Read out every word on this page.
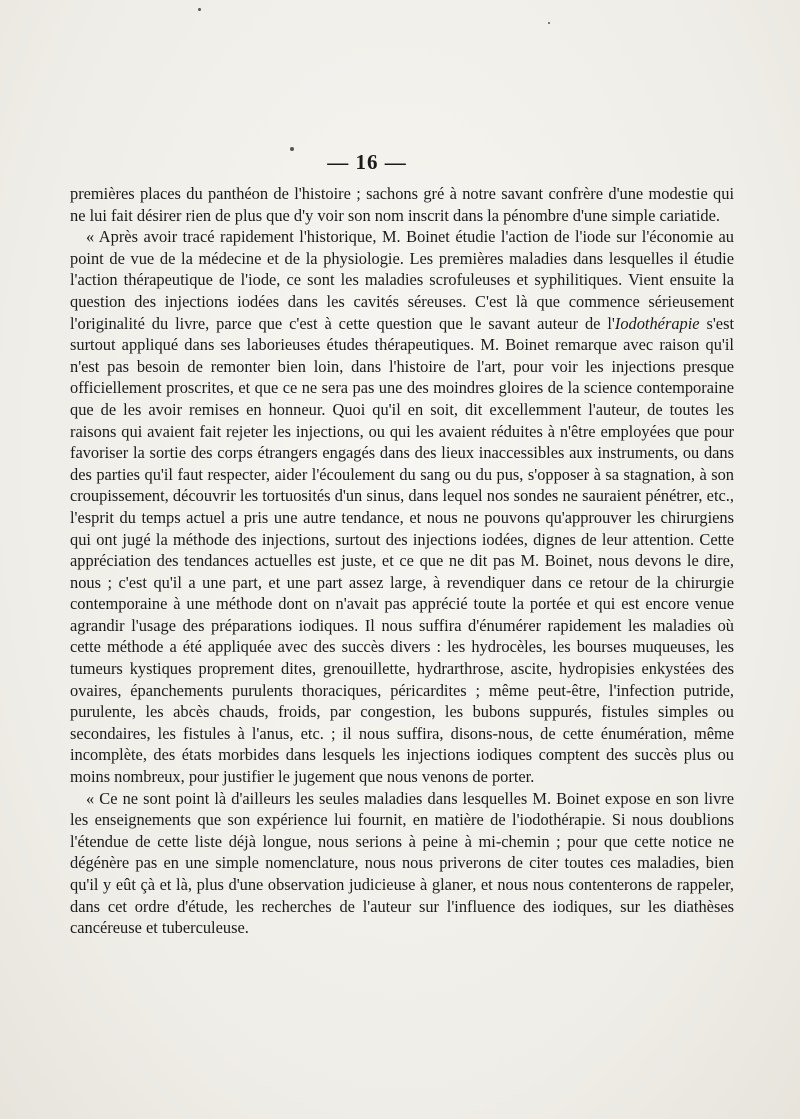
— 16 —

premières places du panthéon de l'histoire ; sachons gré à notre savant confrère d'une modestie qui ne lui fait désirer rien de plus que d'y voir son nom inscrit dans la pénombre d'une simple cariatide.

« Après avoir tracé rapidement l'historique, M. Boinet étudie l'action de l'iode sur l'économie au point de vue de la médecine et de la physiologie. Les premières maladies dans lesquelles il étudie l'action thérapeutique de l'iode, ce sont les maladies scrofuleuses et syphilitiques. Vient ensuite la question des injections iodées dans les cavités séreuses. C'est là que commence sérieusement l'originalité du livre, parce que c'est à cette question que le savant auteur de l'Iodothérapie s'est surtout appliqué dans ses laborieuses études thérapeutiques. M. Boinet remarque avec raison qu'il n'est pas besoin de remonter bien loin, dans l'histoire de l'art, pour voir les injections presque officiellement proscrites, et que ce ne sera pas une des moindres gloires de la science contemporaine que de les avoir remises en honneur. Quoi qu'il en soit, dit excellemment l'auteur, de toutes les raisons qui avaient fait rejeter les injections, ou qui les avaient réduites à n'être employées que pour favoriser la sortie des corps étrangers engagés dans des lieux inaccessibles aux instruments, ou dans des parties qu'il faut respecter, aider l'écoulement du sang ou du pus, s'opposer à sa stagnation, à son croupissement, découvrir les tortuosités d'un sinus, dans lequel nos sondes ne sauraient pénétrer, etc., l'esprit du temps actuel a pris une autre tendance, et nous ne pouvons qu'approuver les chirurgiens qui ont jugé la méthode des injections, surtout des injections iodées, dignes de leur attention. Cette appréciation des tendances actuelles est juste, et ce que ne dit pas M. Boinet, nous devons le dire, nous ; c'est qu'il a une part, et une part assez large, à revendiquer dans ce retour de la chirurgie contemporaine à une méthode dont on n'avait pas apprécié toute la portée et qui est encore venue agrandir l'usage des préparations iodiques. Il nous suffira d'énumérer rapidement les maladies où cette méthode a été appliquée avec des succès divers : les hydrocèles, les bourses muqueuses, les tumeurs kystiques proprement dites, grenouillette, hydrarthrose, ascite, hydropisies enkystées des ovaires, épanchements purulents thoraciques, péricardites ; même peut-être, l'infection putride, purulente, les abcès chauds, froids, par congestion, les bubons suppurés, fistules simples ou secondaires, les fistules à l'anus, etc. ; il nous suffira, disons-nous, de cette énumération, même incomplète, des états morbides dans lesquels les injections iodiques comptent des succès plus ou moins nombreux, pour justifier le jugement que nous venons de porter.

« Ce ne sont point là d'ailleurs les seules maladies dans lesquelles M. Boinet expose en son livre les enseignements que son expérience lui fournit, en matière de l'iodothérapie. Si nous doublions l'étendue de cette liste déjà longue, nous serions à peine à mi-chemin ; pour que cette notice ne dégénère pas en une simple nomenclature, nous nous priverons de citer toutes ces maladies, bien qu'il y eût çà et là, plus d'une observation judicieuse à glaner, et nous nous contenterons de rappeler, dans cet ordre d'étude, les recherches de l'auteur sur l'influence des iodiques, sur les diathèses cancéreuse et tuberculeuse.
